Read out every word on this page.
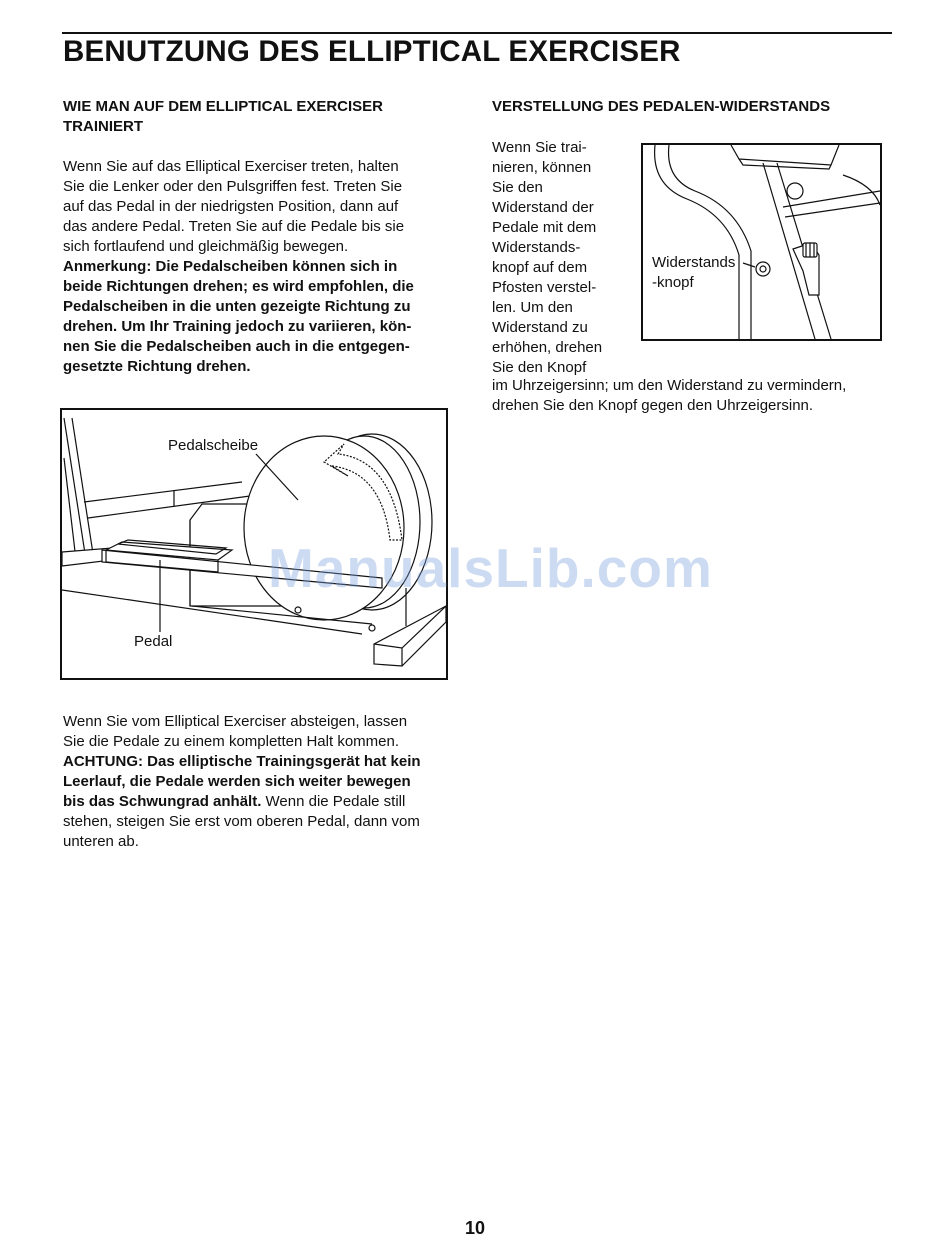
BENUTZUNG DES ELLIPTICAL EXERCISER

WIE MAN AUF DEM ELLIPTICAL EXERCISER

TRAINIERT

Wenn Sie auf das Elliptical Exerciser treten, halten

Sie die Lenker oder den Pulsgriffen fest. Treten Sie

auf das Pedal in der niedrigsten Position, dann auf

das andere Pedal. Treten Sie auf die Pedale bis sie

sich fortlaufend und gleichmäßig bewegen.

Anmerkung: Die Pedalscheiben können sich in

beide Richtungen drehen; es wird empfohlen, die

Pedalscheiben in die unten gezeigte Richtung zu

drehen. Um Ihr Training jedoch zu variieren, kön-

nen Sie die Pedalscheiben auch in die entgegen-

gesetzte Richtung drehen.

Pedalscheibe
Pedal

Wenn Sie vom Elliptical Exerciser absteigen, lassen

Sie die Pedale zu einem kompletten Halt kommen.

ACHTUNG: Das elliptische Trainingsgerät hat kein

Leerlauf, die Pedale werden sich weiter bewegen

bis das Schwungrad anhält. Wenn die Pedale still

stehen, steigen Sie erst vom oberen Pedal, dann vom

unteren ab.

VERSTELLUNG DES PEDALEN-WIDERSTANDS

Wenn Sie trai-

nieren, können

Sie den

Widerstand der

Pedale mit dem

Widerstands-

knopf auf dem

Pfosten verstel-

len. Um den

Widerstand zu

erhöhen, drehen

Sie den Knopf

im Uhrzeigersinn; um den Widerstand zu vermindern,

drehen Sie den Knopf gegen den Uhrzeigersinn.

Widerstands
-knopf
ManualsLib.com
10
